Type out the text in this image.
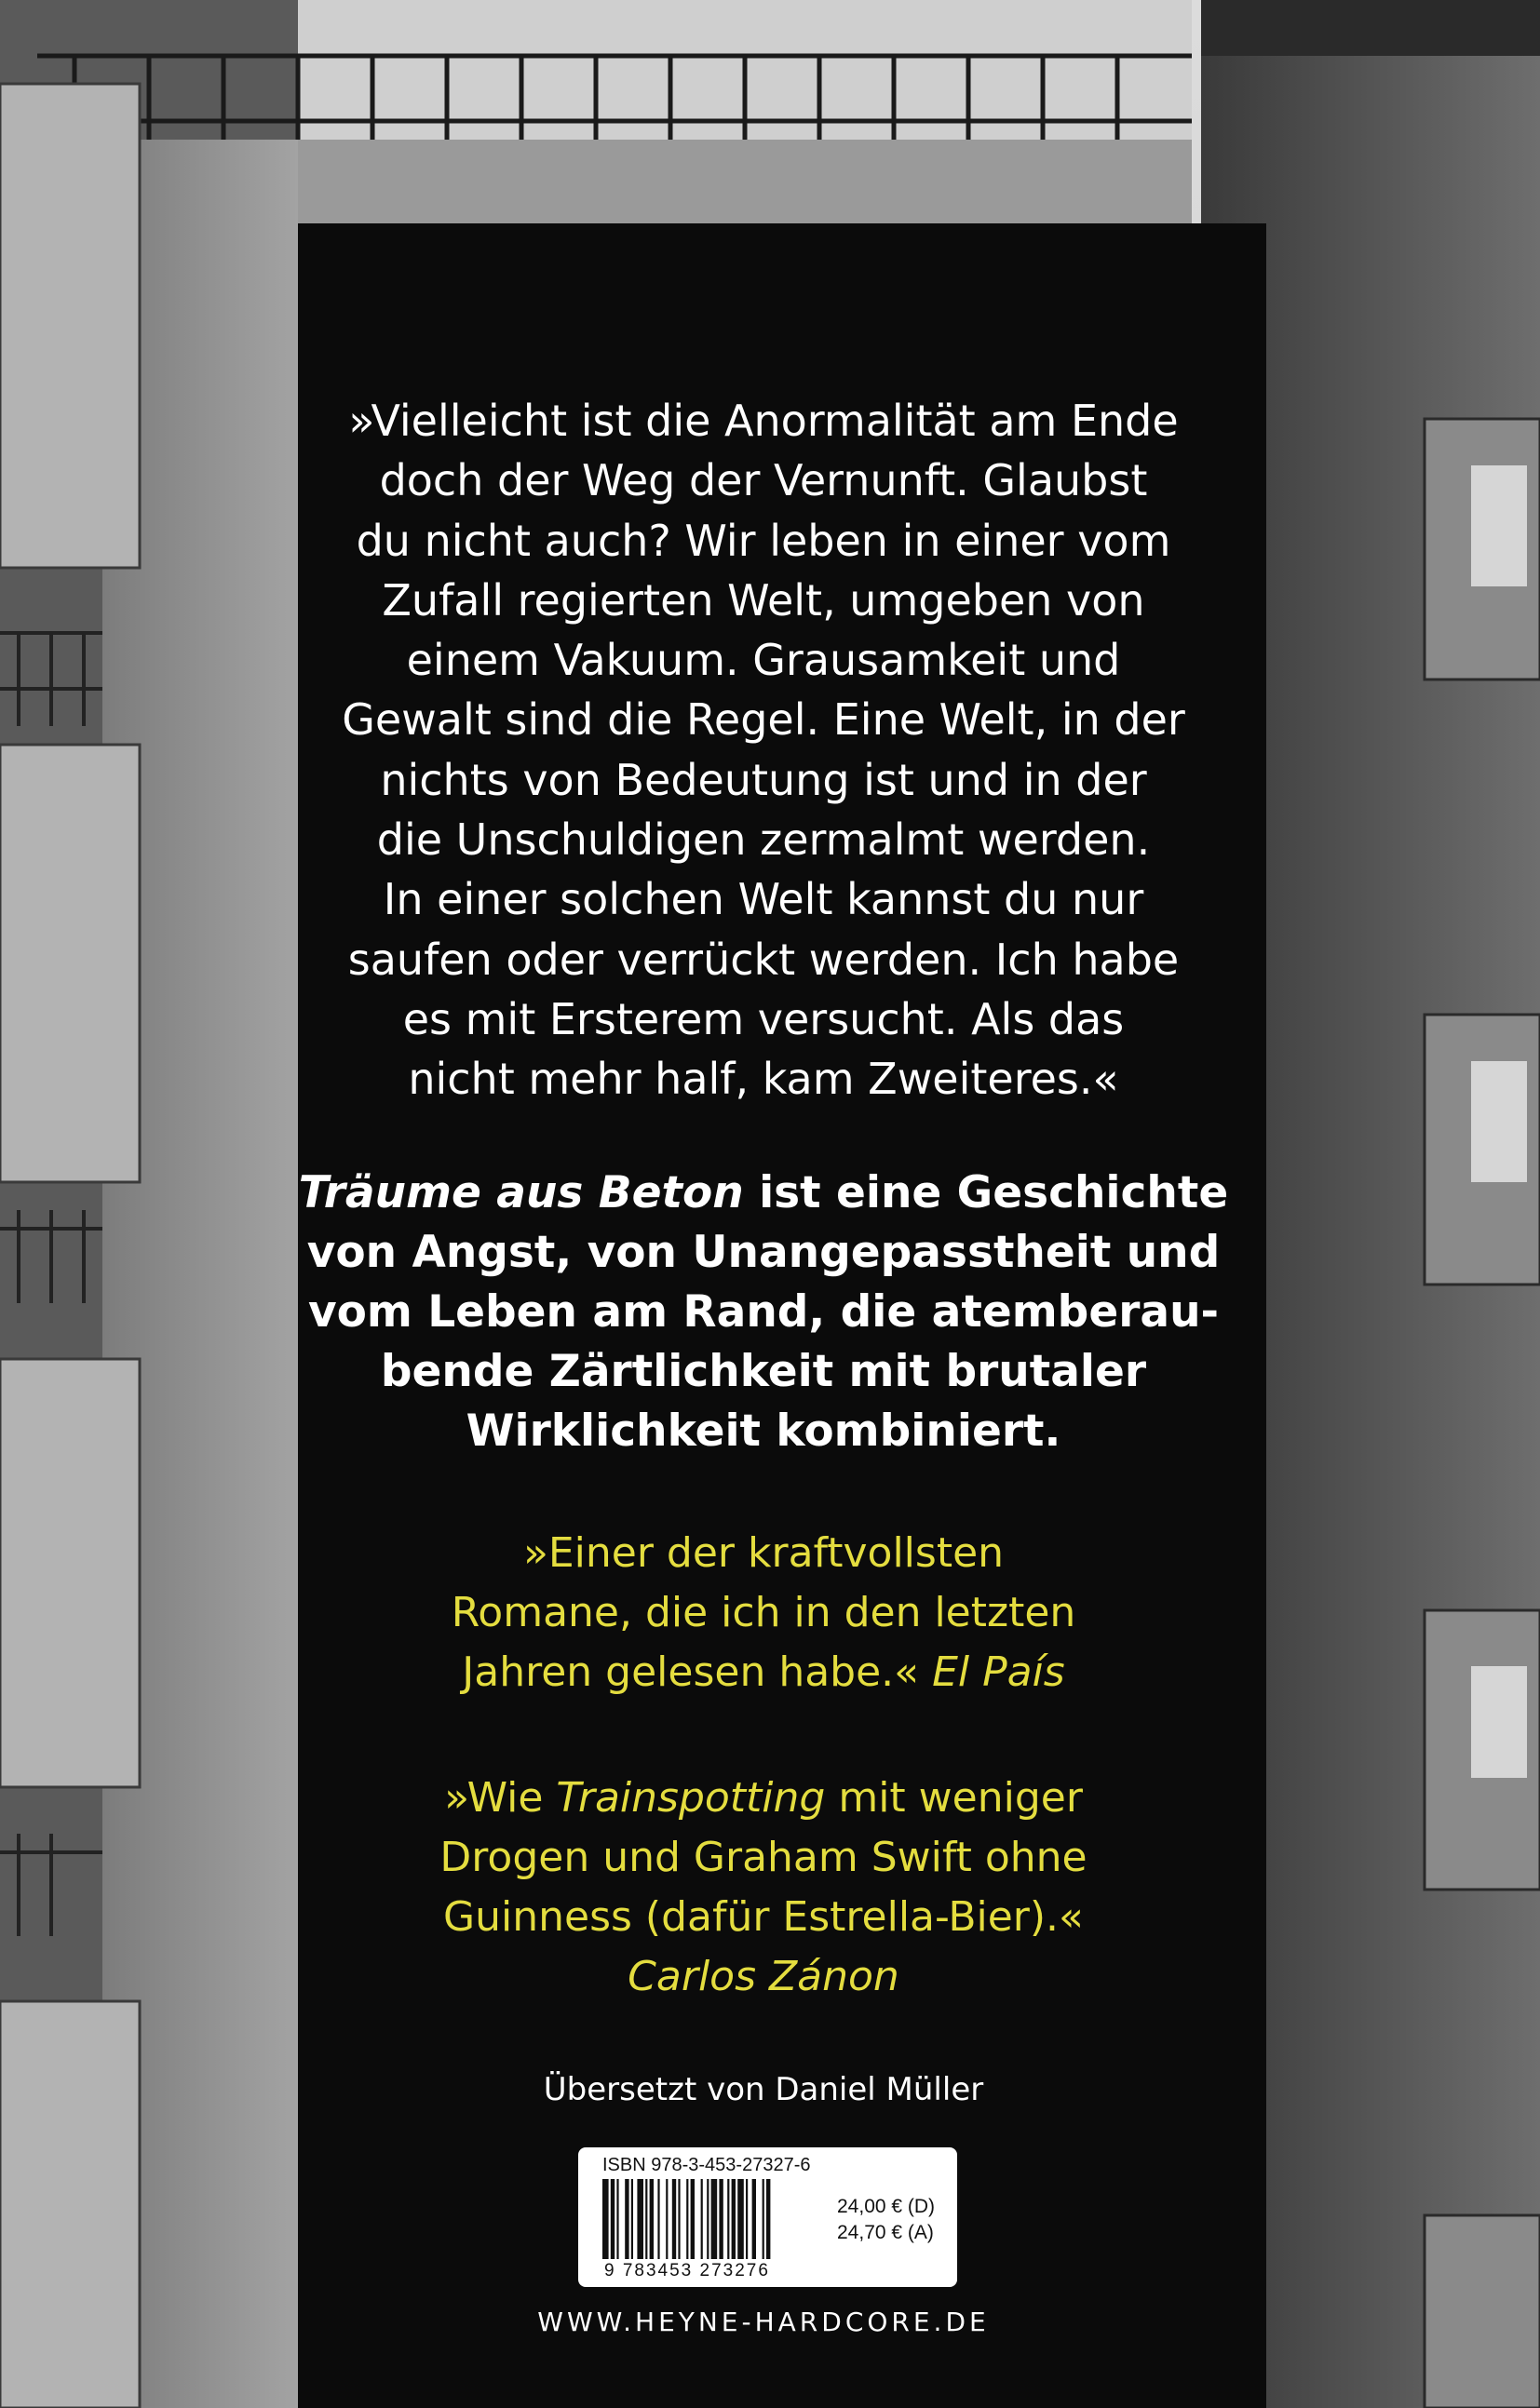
»Vielleicht ist die Anormalität am Ende
doch der Weg der Vernunft. Glaubst
du nicht auch? Wir leben in einer vom
Zufall regierten Welt, umgeben von
einem Vakuum. Grausamkeit und
Gewalt sind die Regel. Eine Welt, in der
nichts von Bedeutung ist und in der
die Unschuldigen zermalmt werden.
In einer solchen Welt kannst du nur
saufen oder verrückt werden. Ich habe
es mit Ersterem versucht. Als das
nicht mehr half, kam Zweiteres.«
Träume aus Beton ist eine Geschichte
von Angst, von Unangepasstheit und
vom Leben am Rand, die atemberau-
bende Zärtlichkeit mit brutaler
Wirklichkeit kombiniert.
»Einer der kraftvollsten
Romane, die ich in den letzten
Jahren gelesen habe.« El País
»Wie Trainspotting mit weniger
Drogen und Graham Swift ohne
Guinness (dafür Estrella-Bier).«
Carlos Zánon
Übersetzt von Daniel Müller
ISBN 978-3-453-27327-6
9 783453 273276
24,00 € (D)
24,70 € (A)
WWW.HEYNE-HARDCORE.DE
